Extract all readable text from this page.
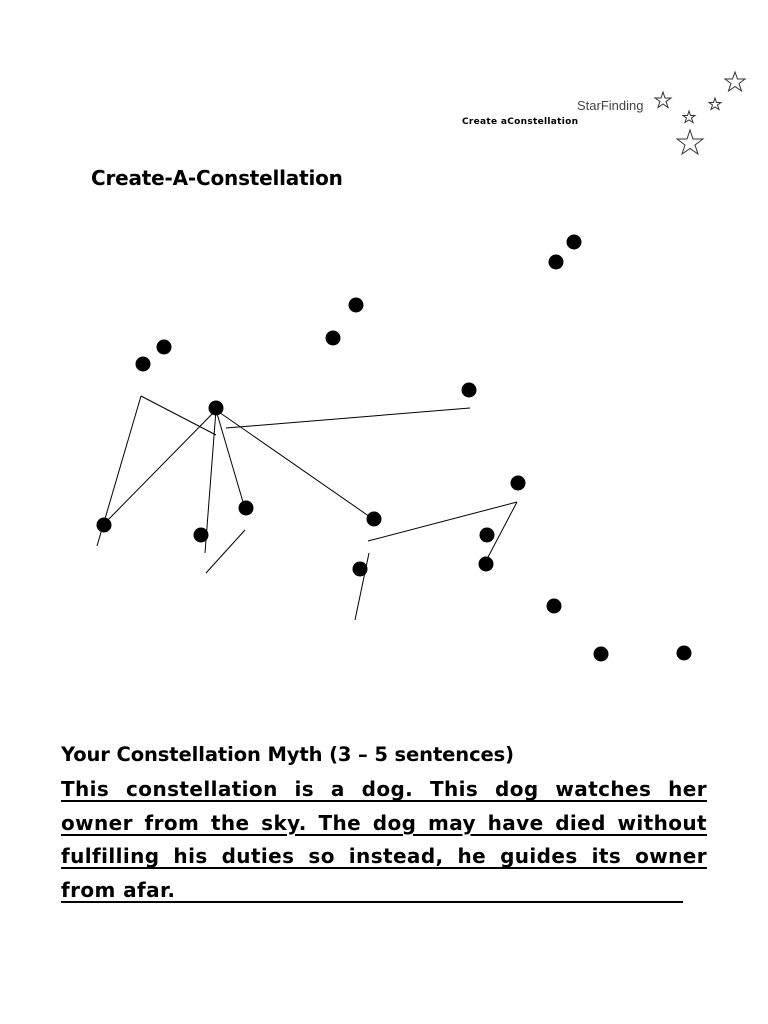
StarFinding
Create aConstellation
Create-A-Constellation
Your Constellation Myth (3 – 5 sentences)
This constellation is a dog. This dog watches her owner from the sky. The dog may have died without fulfilling his duties so instead, he guides its owner from afar.
